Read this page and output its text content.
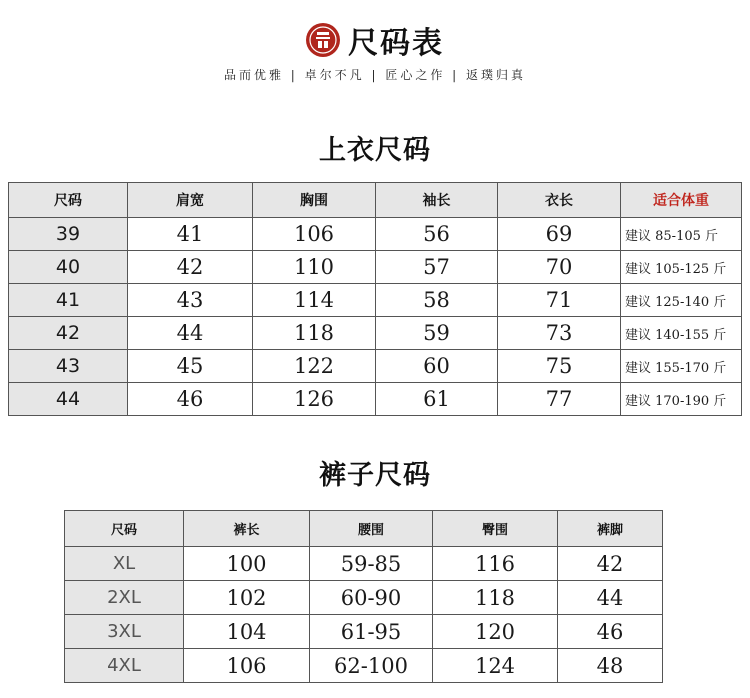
尺码表
品而优雅 | 卓尔不凡 | 匠心之作 | 返璞归真
上衣尺码
尺码	肩宽	胸围	袖长	衣长	适合体重
39	41	106	56	69	建议 85-105 斤
40	42	110	57	70	建议 105-125 斤
41	43	114	58	71	建议 125-140 斤
42	44	118	59	73	建议 140-155 斤
43	45	122	60	75	建议 155-170 斤
44	46	126	61	77	建议 170-190 斤
裤子尺码
尺码	裤长	腰围	臀围	裤脚
XL	100	59-85	116	42
2XL	102	60-90	118	44
3XL	104	61-95	120	46
4XL	106	62-100	124	48
